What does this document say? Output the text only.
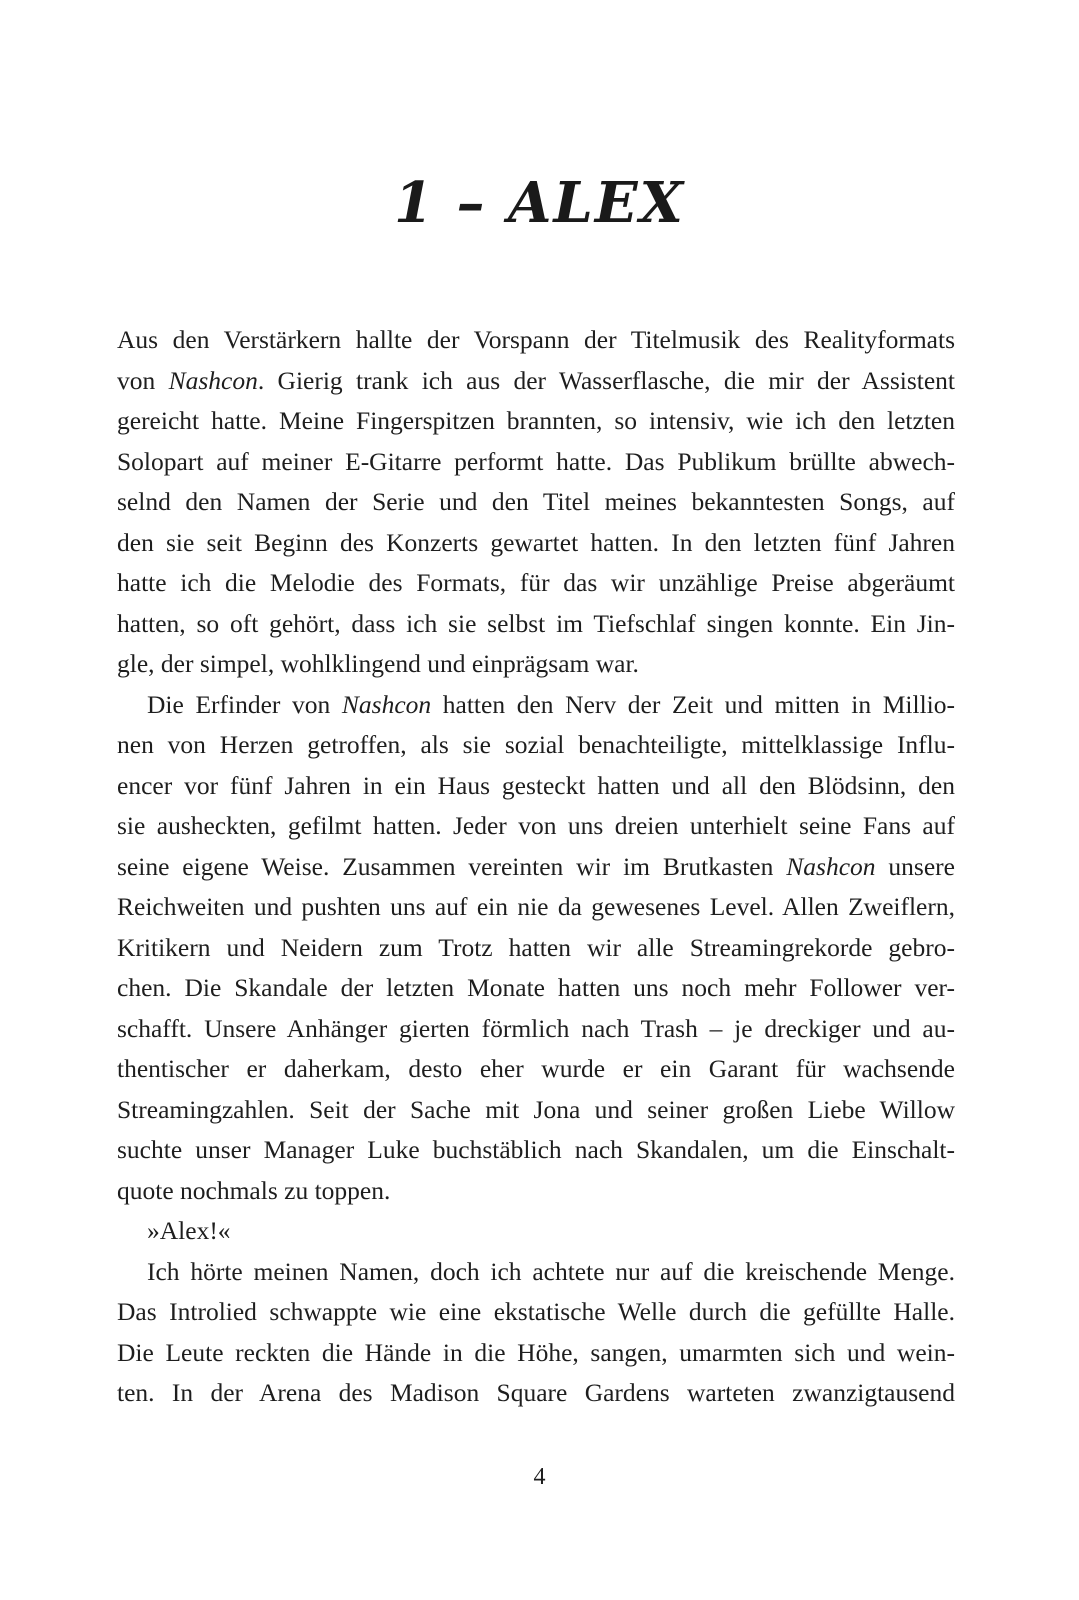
1 – ALEX
Aus den Verstärkern hallte der Vorspann der Titelmusik des Realityformats
von Nashcon. Gierig trank ich aus der Wasserflasche, die mir der Assistent
gereicht hatte. Meine Fingerspitzen brannten, so intensiv, wie ich den letzten
Solopart auf meiner E-Gitarre performt hatte. Das Publikum brüllte abwech-
selnd den Namen der Serie und den Titel meines bekanntesten Songs, auf
den sie seit Beginn des Konzerts gewartet hatten. In den letzten fünf Jahren
hatte ich die Melodie des Formats, für das wir unzählige Preise abgeräumt
hatten, so oft gehört, dass ich sie selbst im Tiefschlaf singen konnte. Ein Jin-
gle, der simpel, wohlklingend und einprägsam war.
Die Erfinder von Nashcon hatten den Nerv der Zeit und mitten in Millio-
nen von Herzen getroffen, als sie sozial benachteiligte, mittelklassige Influ-
encer vor fünf Jahren in ein Haus gesteckt hatten und all den Blödsinn, den
sie ausheckten, gefilmt hatten. Jeder von uns dreien unterhielt seine Fans auf
seine eigene Weise. Zusammen vereinten wir im Brutkasten Nashcon unsere
Reichweiten und pushten uns auf ein nie da gewesenes Level. Allen Zweiflern,
Kritikern und Neidern zum Trotz hatten wir alle Streamingrekorde gebro-
chen. Die Skandale der letzten Monate hatten uns noch mehr Follower ver-
schafft. Unsere Anhänger gierten förmlich nach Trash – je dreckiger und au-
thentischer er daherkam, desto eher wurde er ein Garant für wachsende
Streamingzahlen. Seit der Sache mit Jona und seiner großen Liebe Willow
suchte unser Manager Luke buchstäblich nach Skandalen, um die Einschalt-
quote nochmals zu toppen.
»Alex!«
Ich hörte meinen Namen, doch ich achtete nur auf die kreischende Menge.
Das Introlied schwappte wie eine ekstatische Welle durch die gefüllte Halle.
Die Leute reckten die Hände in die Höhe, sangen, umarmten sich und wein-
ten. In der Arena des Madison Square Gardens warteten zwanzigtausend
4
